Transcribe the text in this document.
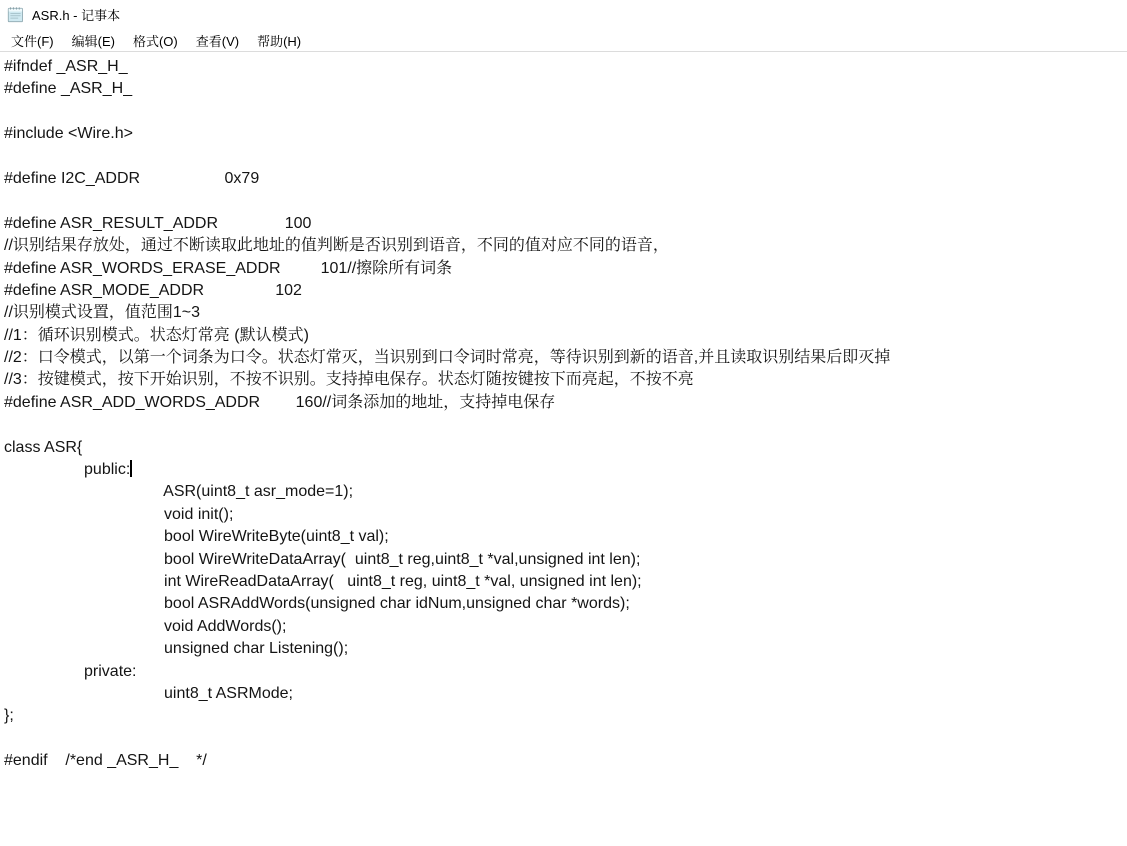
ASR.h - 记事本
文件(F)	编辑(E)	格式(O)	查看(V)	帮助(H)
#ifndef _ASR_H_
#define _ASR_H_
#include <Wire.h>
#define I2C_ADDR                   0x79
#define ASR_RESULT_ADDR               100
//识别结果存放处，通过不断读取此地址的值判断是否识别到语音，不同的值对应不同的语音，
#define ASR_WORDS_ERASE_ADDR         101//擦除所有词条
#define ASR_MODE_ADDR                102
//识别模式设置，值范围1~3
//1：循环识别模式。状态灯常亮 (默认模式)
//2：口令模式，以第一个词条为口令。状态灯常灭，当识别到口令词时常亮，等待识别到新的语音,并且读取识别结果后即灭掉
//3：按键模式，按下开始识别，不按不识别。支持掉电保存。状态灯随按键按下而亮起，不按不亮
#define ASR_ADD_WORDS_ADDR        160//词条添加的地址，支持掉电保存
class ASR{
public:
ASR(uint8_t asr_mode=1);
void init();
bool WireWriteByte(uint8_t val);
bool WireWriteDataArray(  uint8_t reg,uint8_t *val,unsigned int len);
int WireReadDataArray(   uint8_t reg, uint8_t *val, unsigned int len);
bool ASRAddWords(unsigned char idNum,unsigned char *words);
void AddWords();
unsigned char Listening();
private:
uint8_t ASRMode;
};
#endif    /*end _ASR_H_    */
